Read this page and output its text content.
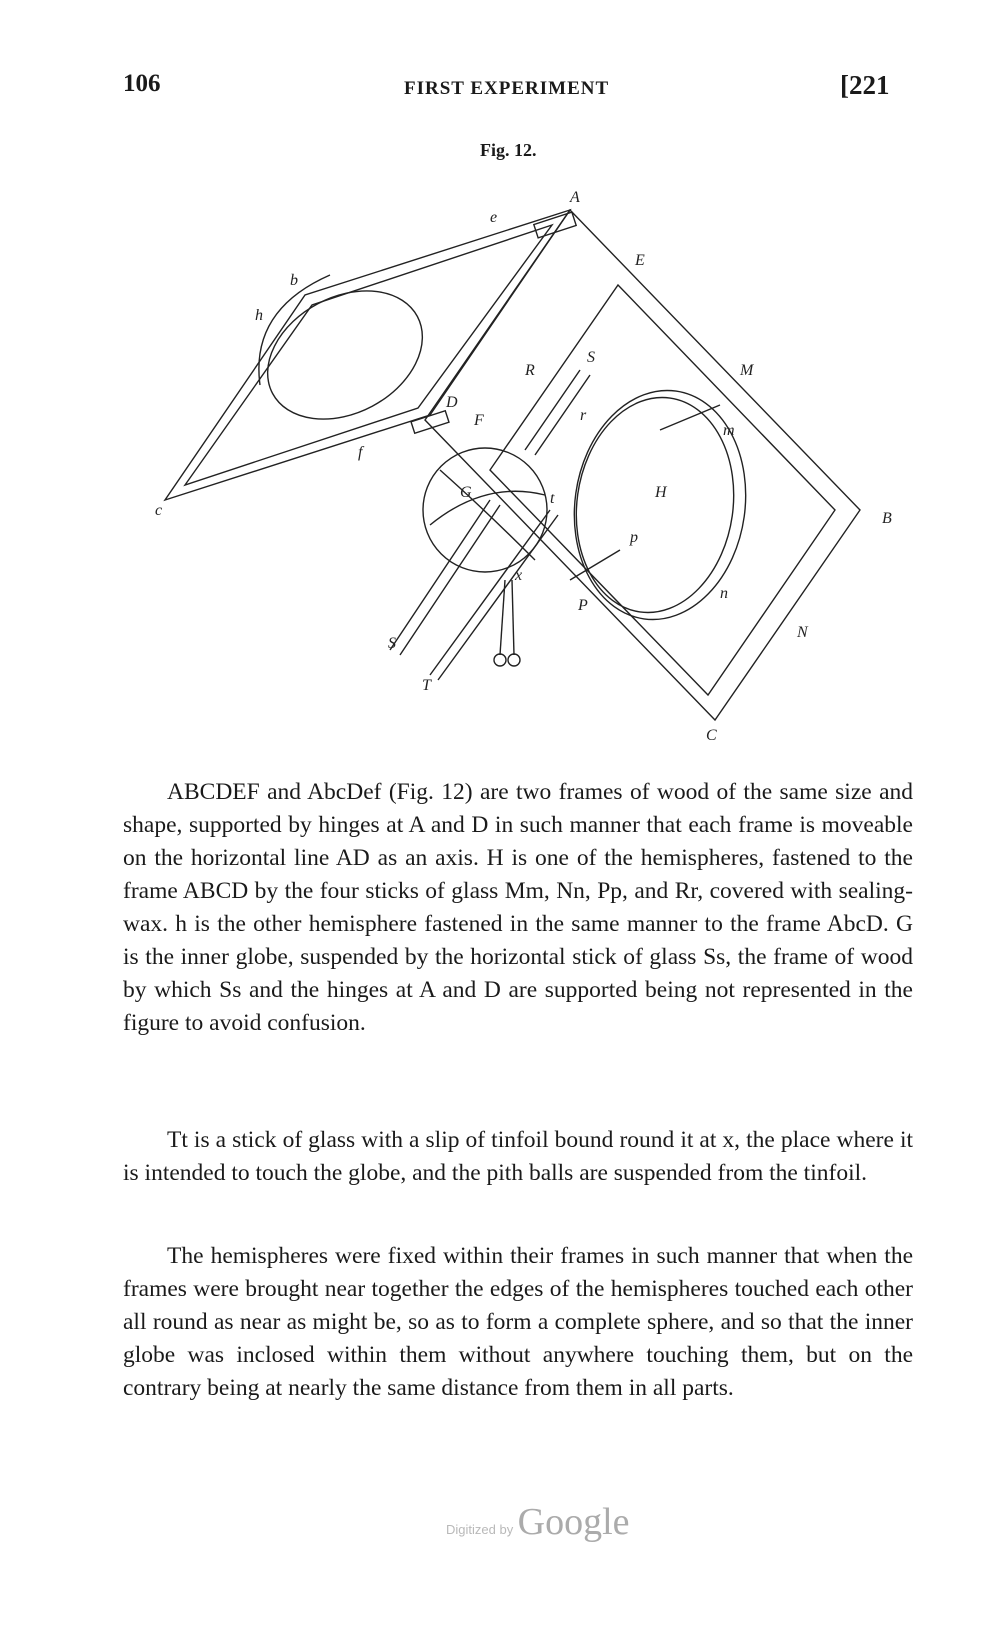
106	FIRST EXPERIMENT	[221
Fig. 12.
A
b
c
e
h
E
R
S
M
D
F	r
m
G	H
t
f
p
B
x
n
P
N
S
T
C

ABCDEF and AbcDef (Fig. 12) are two frames of wood of the same size and shape, supported by hinges at A and D in such manner that each frame is moveable on the horizontal line AD as an axis. H is one of the hemispheres, fastened to the frame ABCD by the four sticks of glass Mm, Nn, Pp, and Rr, covered with sealing-wax. h is the other hemisphere fastened in the same manner to the frame AbcD. G is the inner globe, suspended by the horizontal stick of glass Ss, the frame of wood by which Ss and the hinges at A and D are supported being not represented in the figure to avoid confusion.

Tt is a stick of glass with a slip of tinfoil bound round it at x, the place where it is intended to touch the globe, and the pith balls are suspended from the tinfoil.

The hemispheres were fixed within their frames in such manner that when the frames were brought near together the edges of the hemispheres touched each other all round as near as might be, so as to form a complete sphere, and so that the inner globe was inclosed within them without anywhere touching them, but on the contrary being at nearly the same distance from them in all parts.

Digitized by Google
